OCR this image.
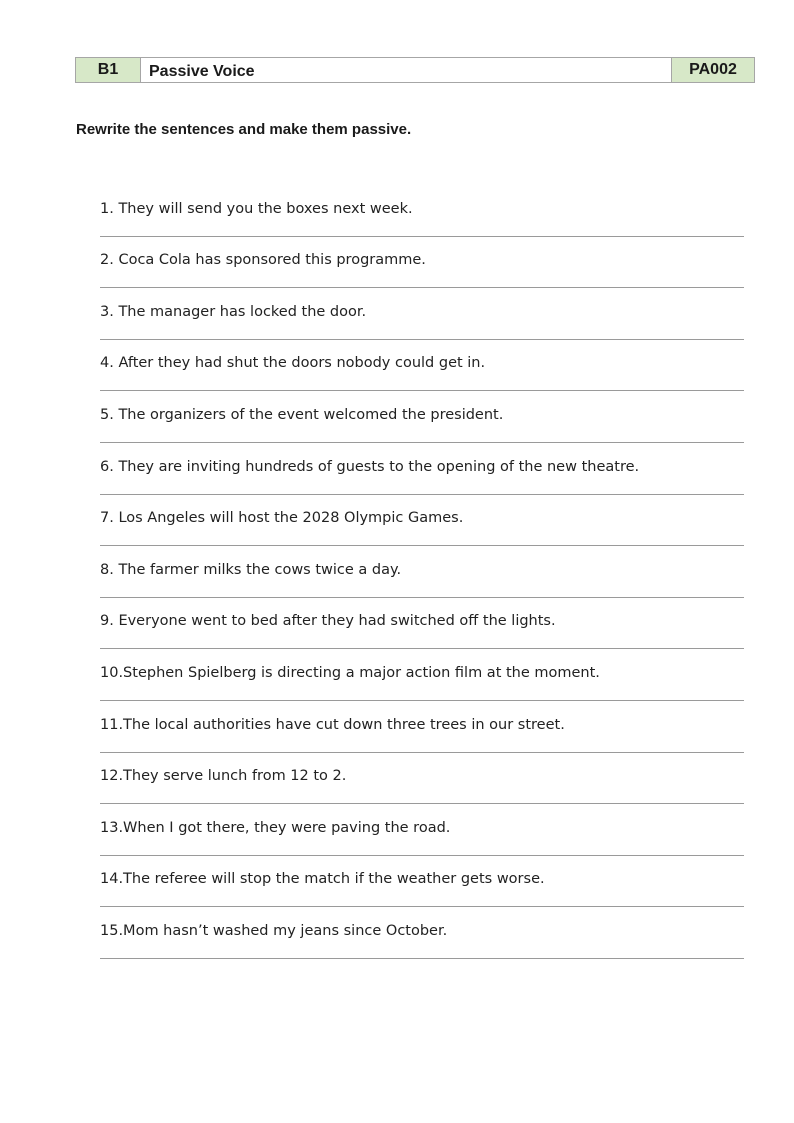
B1	Passive Voice	PA002
Rewrite the sentences and make them passive.
1. They will send you the boxes next week.
2. Coca Cola has sponsored this programme.
3. The manager has locked the door.
4. After they had shut the doors nobody could get in.
5. The organizers of the event welcomed the president.
6. They are inviting hundreds of guests to the opening of the new theatre.
7. Los Angeles will host the 2028 Olympic Games.
8. The farmer milks the cows twice a day.
9. Everyone went to bed after they had switched off the lights.
10.Stephen Spielberg is directing a major action film at the moment.
11.The local authorities have cut down three trees in our street.
12.They serve lunch from 12 to 2.
13.When I got there, they were paving the road.
14.The referee will stop the match if the weather gets worse.
15.Mom hasn’t washed my jeans since October.
